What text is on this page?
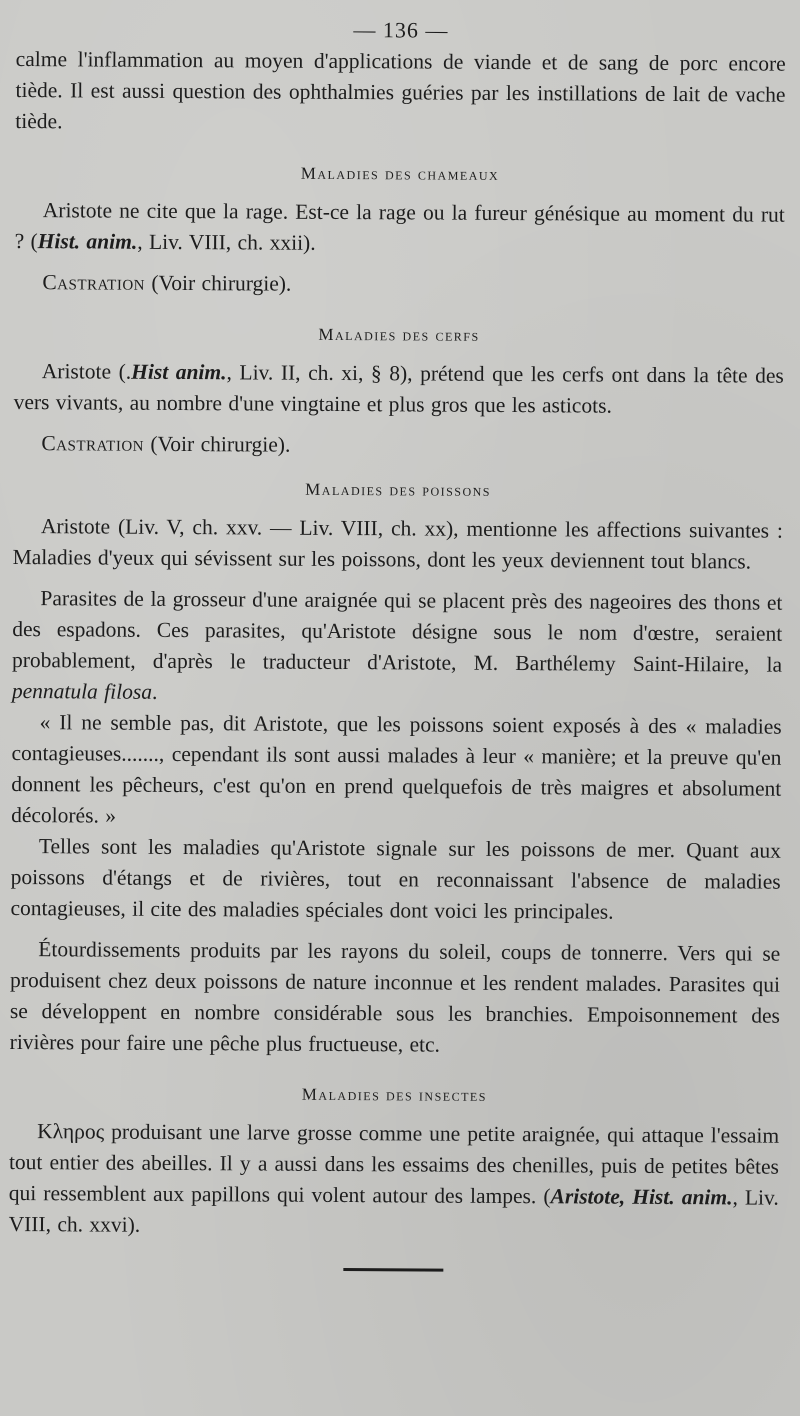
— 136 —

calme l'inflammation au moyen d'applications de viande et de sang de porc encore tiède. Il est aussi question des ophthalmies guéries par les instillations de lait de vache tiède.

Maladies des chameaux

Aristote ne cite que la rage. Est-ce la rage ou la fureur génésique au moment du rut ? (Hist. anim., Liv. VIII, ch. xxii).

Castration (Voir chirurgie).

Maladies des cerfs

Aristote (.Hist anim., Liv. II, ch. xi, § 8), prétend que les cerfs ont dans la tête des vers vivants, au nombre d'une vingtaine et plus gros que les asticots.

Castration (Voir chirurgie).

Maladies des poissons

Aristote (Liv. V, ch. xxv. — Liv. VIII, ch. xx), mentionne les affections suivantes : Maladies d'yeux qui sévissent sur les poissons, dont les yeux deviennent tout blancs.

Parasites de la grosseur d'une araignée qui se placent près des nageoires des thons et des espadons. Ces parasites, qu'Aristote désigne sous le nom d'œstre, seraient probablement, d'après le traducteur d'Aristote, M. Barthélemy Saint-Hilaire, la pennatula filosa.

« Il ne semble pas, dit Aristote, que les poissons soient exposés à des « maladies contagieuses......., cependant ils sont aussi malades à leur « manière; et la preuve qu'en donnent les pêcheurs, c'est qu'on en prend quelquefois de très maigres et absolument décolorés. »

Telles sont les maladies qu'Aristote signale sur les poissons de mer. Quant aux poissons d'étangs et de rivières, tout en reconnaissant l'absence de maladies contagieuses, il cite des maladies spéciales dont voici les principales.

Étourdissements produits par les rayons du soleil, coups de tonnerre. Vers qui se produisent chez deux poissons de nature inconnue et les rendent malades. Parasites qui se développent en nombre considérable sous les branchies. Empoisonnement des rivières pour faire une pêche plus fructueuse, etc.

Maladies des insectes

Κληρος produisant une larve grosse comme une petite araignée, qui attaque l'essaim tout entier des abeilles. Il y a aussi dans les essaims des chenilles, puis de petites bêtes qui ressemblent aux papillons qui volent autour des lampes. (Aristote, Hist. anim., Liv. VIII, ch. xxvi).
